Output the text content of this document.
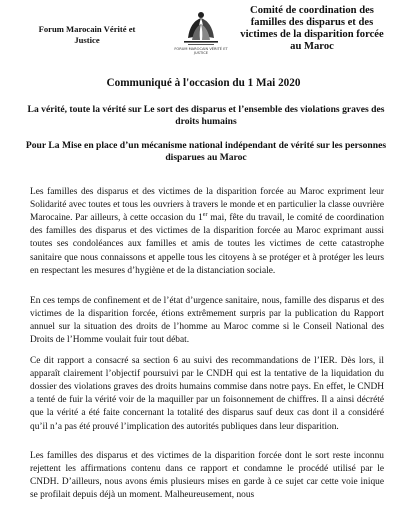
Forum Marocain Vérité et Justice
FORUM MAROCAIN VÉRITÉ ET JUSTICE
Comité de coordination des familles des disparus et des victimes de la disparition forcée au Maroc
Communiqué à l'occasion du 1 Mai 2020
La vérité, toute la vérité sur Le sort des disparus et l’ensemble des violations graves des droits humains
Pour La Mise en place d’un mécanisme national indépendant de vérité sur les personnes disparues au Maroc

Les familles des disparus et des victimes de la disparition forcée au Maroc expriment leur Solidarité avec toutes et tous les ouvriers à travers le monde et en particulier la classe ouvrière Marocaine. Par ailleurs, à cette occasion du 1er mai, fête du travail, le comité de coordination des familles des disparus et des victimes de la disparition forcée au Maroc exprimant aussi toutes ses condoléances aux familles et amis de toutes les victimes de cette catastrophe sanitaire que nous connaissons et appelle tous les citoyens à se protéger et à protéger les leurs en respectant les mesures d’hygiène et de la distanciation sociale.

En ces temps de confinement et de l’état d’urgence sanitaire, nous, famille des disparus et des victimes de la disparition forcée, étions extrêmement surpris par la publication du Rapport annuel sur la situation des droits de l’homme au Maroc comme si le Conseil National des Droits de l’Homme voulait fuir tout débat.

Ce dit rapport a consacré sa section 6 au suivi des recommandations de l’IER. Dès lors, il apparaît clairement l’objectif poursuivi par le CNDH qui est la tentative de la liquidation du dossier des violations graves des droits humains commise dans notre pays. En effet, le CNDH a tenté de fuir la vérité voir de la maquiller par un foisonnement de chiffres. Il a ainsi décrété que la vérité a été faite concernant la totalité des disparus sauf deux cas dont il a considéré qu’il n’a pas été prouvé l’implication des autorités publiques dans leur disparition.

Les familles des disparus et des victimes de la disparition forcée dont le sort reste inconnu rejettent les affirmations contenu dans ce rapport et condamne le procédé utilisé par le CNDH. D’ailleurs, nous avons émis plusieurs mises en garde à ce sujet car cette voie inique se profilait depuis déjà un moment. Malheureusement, nous
